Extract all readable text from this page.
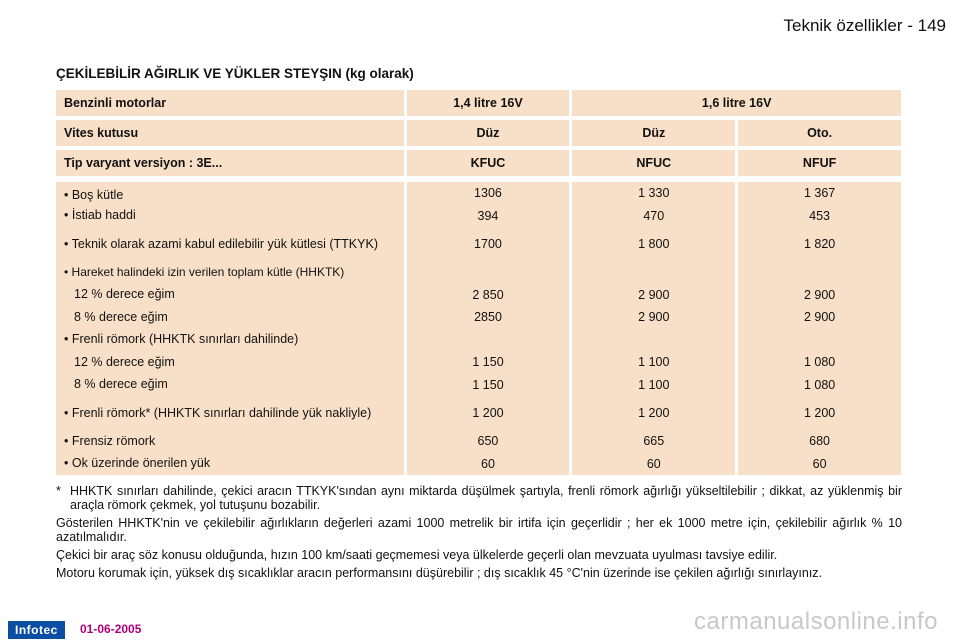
Teknik özellikler - 149
ÇEKİLEBİLİR AĞIRLIK VE YÜKLER STEYŞIN (kg olarak)
Benzinli motorlar	1,4 litre 16V	1,6 litre 16V
Vites kutusu	Düz	Düz	Oto.
Tip varyant versiyon : 3E...	KFUC	NFUC	NFUF
• Boş kütle	1306	1 330	1 367
• İstiab haddi	394	470	453
• Teknik olarak azami kabul edilebilir yük kütlesi (TTKYK)	1700	1 800	1 820
• Hareket halindeki izin verilen toplam kütle (HHKTK)
12 % derece eğim	2 850	2 900	2 900
8 % derece eğim	2850	2 900	2 900
• Frenli römork (HHKTK sınırları dahilinde)
12 % derece eğim	1 150	1 100	1 080
8 % derece eğim	1 150	1 100	1 080
• Frenli römork* (HHKTK sınırları dahilinde yük nakliyle)	1 200	1 200	1 200
• Frensiz römork	650	665	680
• Ok üzerinde önerilen yük	60	60	60

* HHKTK sınırları dahilinde, çekici aracın TTKYK'sından aynı miktarda düşülmek şartıyla, frenli römork ağırlığı yükseltilebilir ; dikkat, az yüklenmiş bir araçla römork çekmek, yol tutuşunu bozabilir.

Gösterilen HHKTK'nin ve çekilebilir ağırlıkların değerleri azami 1000 metrelik bir irtifa için geçerlidir ; her ek 1000 metre için, çekilebilir ağırlık % 10 azatılmalıdır.

Çekici bir araç söz konusu olduğunda, hızın 100 km/saati geçmemesi veya ülkelerde geçerli olan mevzuata uyulması tavsiye edilir.

Motoru korumak için, yüksek dış sıcaklıklar aracın performansını düşürebilir ; dış sıcaklık 45 °C'nin üzerinde ise çekilen ağırlığı sınırlayınız.

Infotec	01-06-2005	carmanualsonline.info
